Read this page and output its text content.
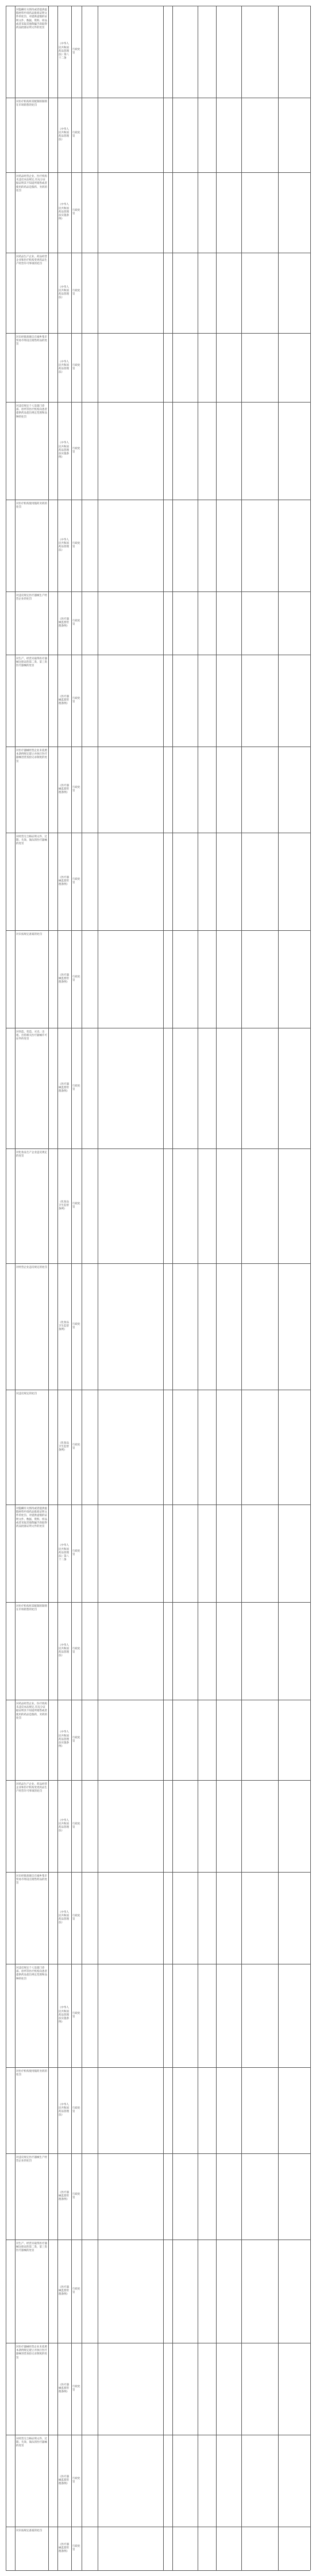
对隐瞒有关情况或者提供虚假材料申请药品批准证明文件的处罚、对提供虚假的证明文件、数据、资料、样品或者采取其他欺骗手段取得药品批准证明文件的处罚
《中华人民共和国药品管理法》第八十二条
行政处罚
对医疗机构将其配制的制剂在市场销售的处罚
《中华人民共和国药品管理法》
行政处罚
对药品经营企业、医疗机构未违反本法规定,有充分证据证明其不知道所销售或者使用的药品是假药、劣药的处罚
《中华人民共和国药品管理法实施条例》
行政处罚
对药品生产企业、药品经营企业和医疗机构变更药品生产经营许可事项的处罚
《中华人民共和国药品管理法》
行政处罚
对未经批准擅自在城乡集市贸易市场设点销售药品的处罚
《中华人民共和国药品管理法》
行政处罚
对违反规定个人设置门诊部、诊所等医疗机构向患者提供药品超出规定范围和品种的处罚
《中华人民共和国药品管理法实施条例》
行政处罚
对医疗机构使用假药劣药的处罚
《中华人民共和国药品管理法》
行政处罚
对违反规定医疗器械生产经营企业的处罚
《医疗器械监督管理条例》
行政处罚
对生产、经营未取得医疗器械注册证的第二类、第三类医疗器械的处罚
《医疗器械监督管理条例》
行政处罚
对医疗器械经营企业未依照本条例规定建立并执行医疗器械进货查验记录制度的处罚
《医疗器械监督管理条例》
行政处罚
对经营无合格证明文件、过期、失效、淘汰的医疗器械的处罚
《医疗器械监督管理条例》
行政处罚
对未按规定备案的处罚
《医疗器械监督管理条例》
行政处罚
对伪造、变造、买卖、出租、出借相关医疗器械许可证件的处罚
《医疗器械监督管理条例》
行政处罚
对化妆品生产企业违反规定的处罚
《化妆品卫生监督条例》
行政处罚
对经营企业违反规定的处罚
《化妆品卫生监督条例》
行政处罚
对违反规定的处罚
《化妆品卫生监督条例》
行政处罚
对隐瞒有关情况或者提供虚假材料申请药品批准证明文件的处罚、对提供虚假的证明文件、数据、资料、样品或者采取其他欺骗手段取得药品批准证明文件的处罚
《中华人民共和国药品管理法》第八十二条
行政处罚
对医疗机构将其配制的制剂在市场销售的处罚
《中华人民共和国药品管理法》
行政处罚
对药品经营企业、医疗机构未违反本法规定,有充分证据证明其不知道所销售或者使用的药品是假药、劣药的处罚
《中华人民共和国药品管理法实施条例》
行政处罚
对药品生产企业、药品经营企业和医疗机构变更药品生产经营许可事项的处罚
《中华人民共和国药品管理法》
行政处罚
对未经批准擅自在城乡集市贸易市场设点销售药品的处罚
《中华人民共和国药品管理法》
行政处罚
对违反规定个人设置门诊部、诊所等医疗机构向患者提供药品超出规定范围和品种的处罚
《中华人民共和国药品管理法实施条例》
行政处罚
对医疗机构使用假药劣药的处罚
《中华人民共和国药品管理法》
行政处罚
对违反规定医疗器械生产经营企业的处罚
《医疗器械监督管理条例》
行政处罚
对生产、经营未取得医疗器械注册证的第二类、第三类医疗器械的处罚
《医疗器械监督管理条例》
行政处罚
对医疗器械经营企业未依照本条例规定建立并执行医疗器械进货查验记录制度的处罚
《医疗器械监督管理条例》
行政处罚
对经营无合格证明文件、过期、失效、淘汰的医疗器械的处罚
《医疗器械监督管理条例》
行政处罚
对未按规定备案的处罚
《医疗器械监督管理条例》
行政处罚
